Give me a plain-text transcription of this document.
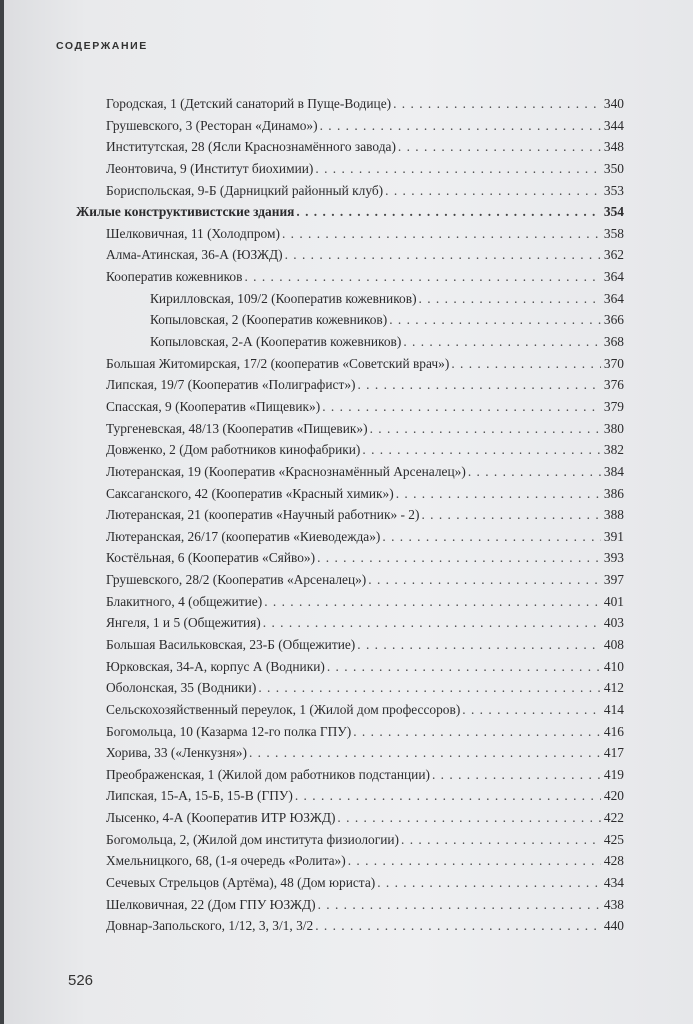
СОДЕРЖАНИЕ
Городская, 1 (Детский санаторий в Пуще-Водице) . . .	340
Грушевского, 3 (Ресторан «Динамо») . . .	344
Институтская, 28 (Ясли Краснознамённого завода) . . .	348
Леонтовича, 9 (Институт биохимии) . . .	350
Бориспольская, 9-Б (Дарницкий районный клуб) . . .	353
Жилые конструктивистские здания . . .	354
Шелковичная, 11 (Холодпром) . . .	358
Алма-Атинская, 36-А (ЮЗЖД) . . .	362
Кооператив кожевников . . .	364
Кирилловская, 109/2 (Кооператив кожевников) . . .	364
Копыловская, 2 (Кооператив кожевников) . . .	366
Копыловская, 2-А (Кооператив кожевников) . . .	368
Большая Житомирская, 17/2 (кооператив «Советский врач») . . .	370
Липская, 19/7 (Кооператив «Полиграфист») . . .	376
Спасская, 9 (Кооператив «Пищевик») . . .	379
Тургеневская, 48/13 (Кооператив «Пищевик») . . .	380
Довженко, 2 (Дом работников кинофабрики) . . .	382
Лютеранская, 19 (Кооператив «Краснознамённый Арсеналец») . . .	384
Саксаганского, 42 (Кооператив «Красный химик») . . .	386
Лютеранская, 21 (кооператив «Научный работник» - 2) . . .	388
Лютеранская, 26/17 (кооператив «Киеводежда») . . .	391
Костёльная, 6 (Кооператив «Сяйво») . . .	393
Грушевского, 28/2 (Кооператив «Арсеналец») . . .	397
Блакитного, 4 (общежитие) . . .	401
Янгеля, 1 и 5 (Общежития) . . .	403
Большая Васильковская, 23-Б (Общежитие) . . .	408
Юрковская, 34-А, корпус А (Водники) . . .	410
Оболонская, 35 (Водники) . . .	412
Сельскохозяйственный переулок, 1 (Жилой дом профессоров) . . .	414
Богомольца, 10 (Казарма 12-го полка ГПУ) . . .	416
Хорива, 33 («Ленкузня») . . .	417
Преображенская, 1 (Жилой дом работников подстанции) . . .	419
Липская, 15-А, 15-Б, 15-В (ГПУ) . . .	420
Лысенко, 4-А (Кооператив ИТР ЮЗЖД) . . .	422
Богомольца, 2, (Жилой дом института физиологии) . . .	425
Хмельницкого, 68, (1-я очередь «Ролита») . . .	428
Сечевых Стрельцов (Артёма), 48 (Дом юриста) . . .	434
Шелковичная, 22 (Дом ГПУ ЮЗЖД) . . .	438
Довнар-Запольского, 1/12, 3, 3/1, 3/2 . . .	440
526
